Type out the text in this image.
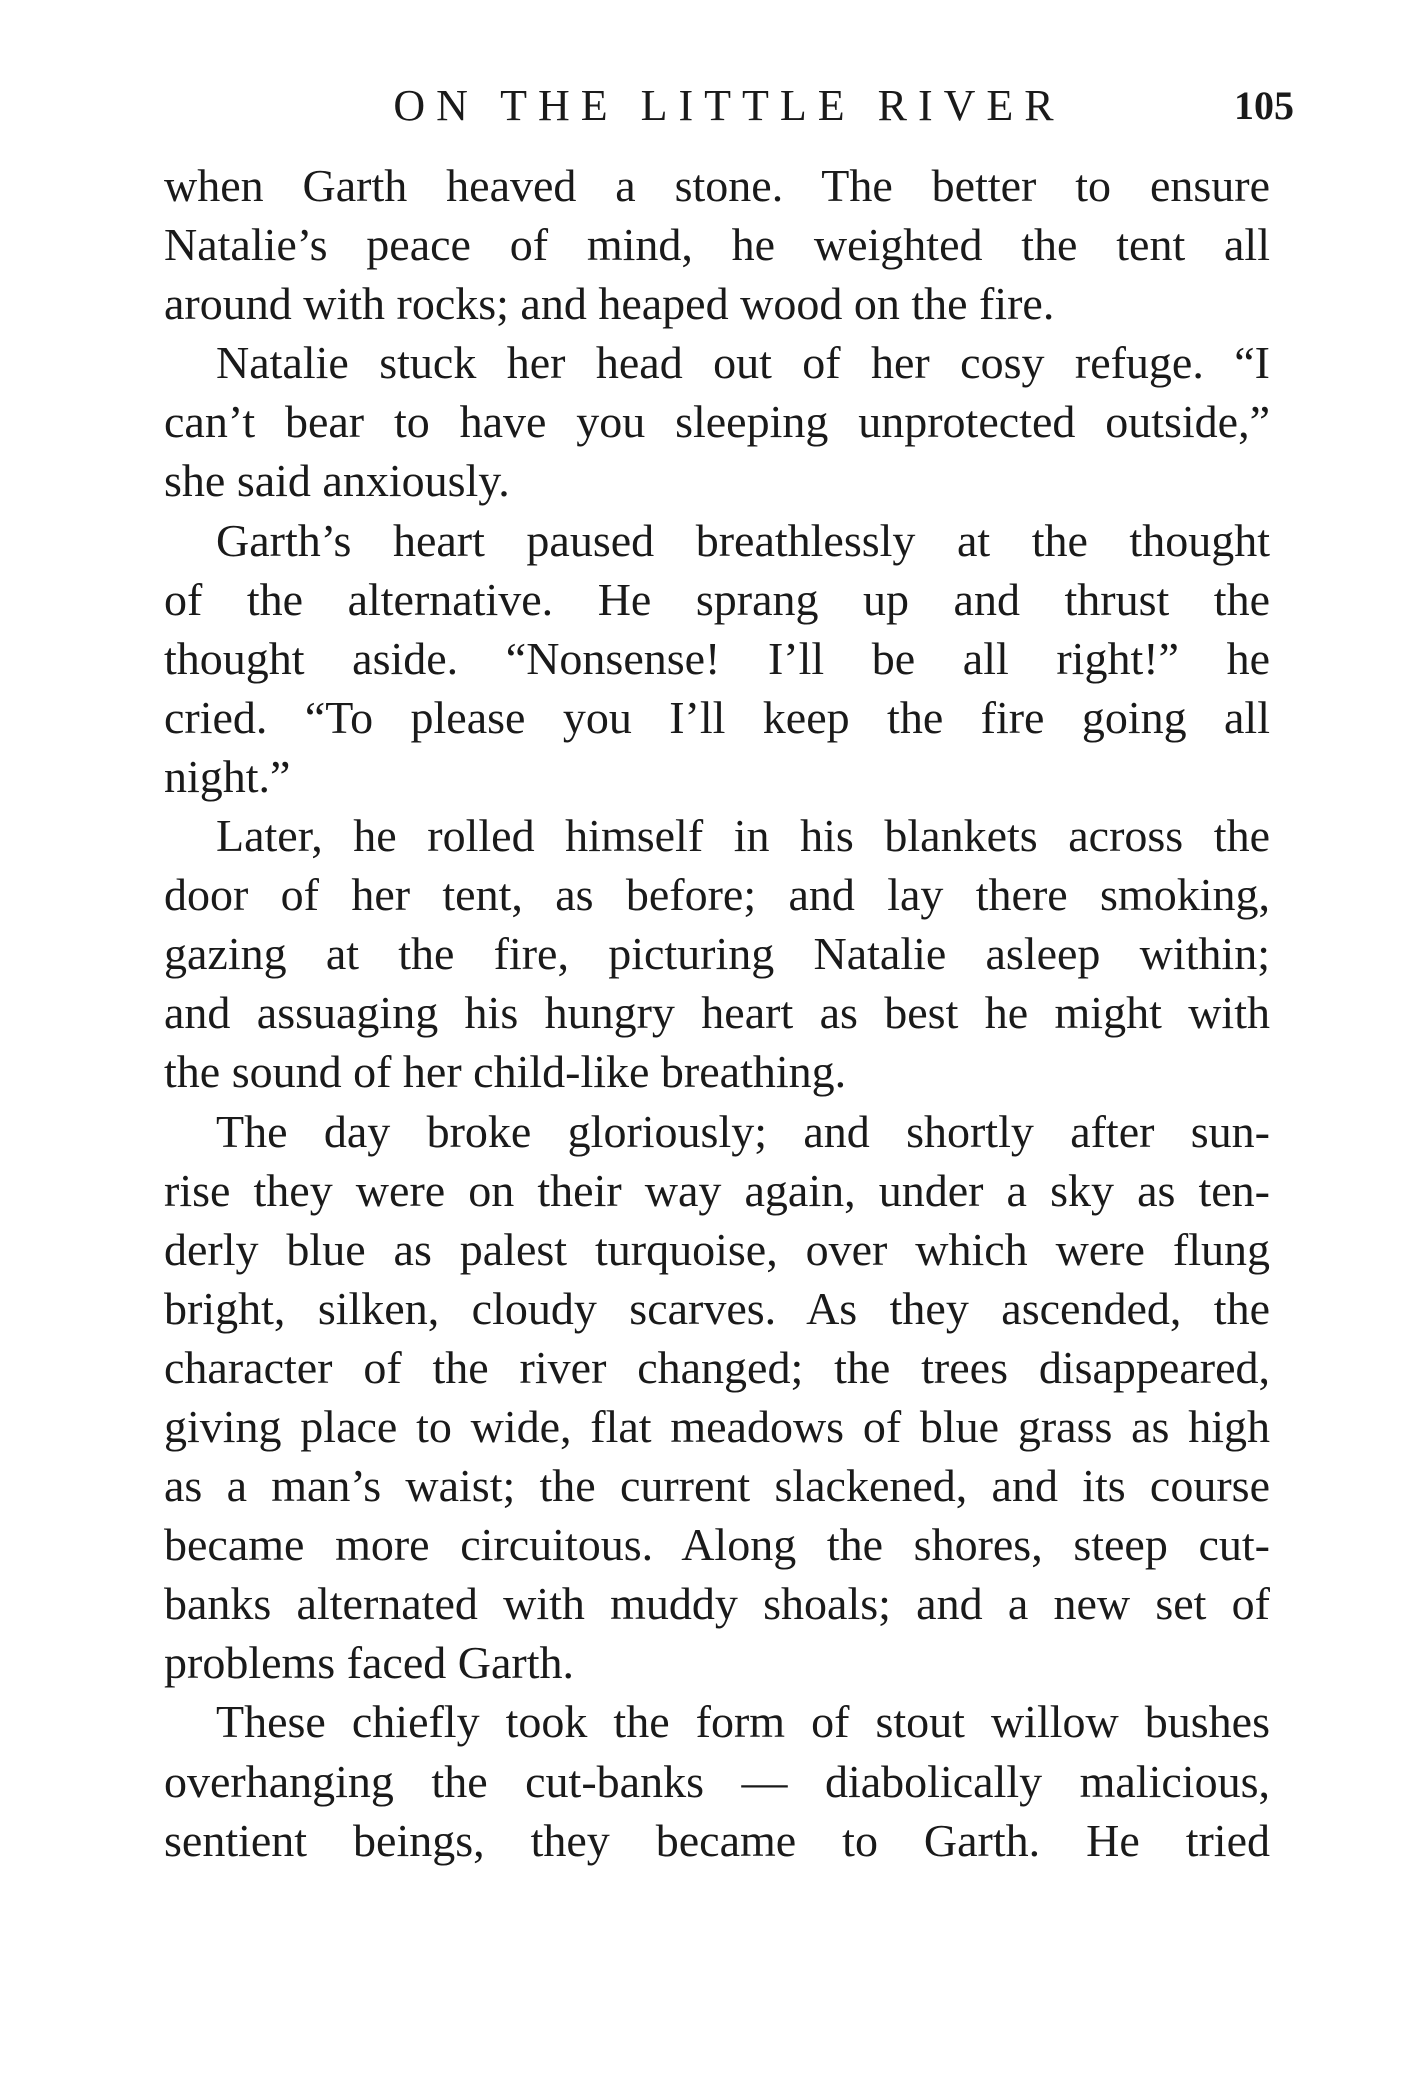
ON THE LITTLE RIVER	105
when Garth heaved a stone. The better to ensure
Natalie’s peace of mind, he weighted the tent all
around with rocks; and heaped wood on the fire.
Natalie stuck her head out of her cosy refuge. “I
can’t bear to have you sleeping unprotected outside,”
she said anxiously.
Garth’s heart paused breathlessly at the thought
of the alternative. He sprang up and thrust the
thought aside. “Nonsense! I’ll be all right!” he
cried. “To please you I’ll keep the fire going all
night.”
Later, he rolled himself in his blankets across the
door of her tent, as before; and lay there smoking,
gazing at the fire, picturing Natalie asleep within;
and assuaging his hungry heart as best he might with
the sound of her child-like breathing.
The day broke gloriously; and shortly after sun-
rise they were on their way again, under a sky as ten-
derly blue as palest turquoise, over which were flung
bright, silken, cloudy scarves. As they ascended, the
character of the river changed; the trees disappeared,
giving place to wide, flat meadows of blue grass as high
as a man’s waist; the current slackened, and its course
became more circuitous. Along the shores, steep cut-
banks alternated with muddy shoals; and a new set of
problems faced Garth.
These chiefly took the form of stout willow bushes
overhanging the cut-banks — diabolically malicious,
sentient beings, they became to Garth. He tried
